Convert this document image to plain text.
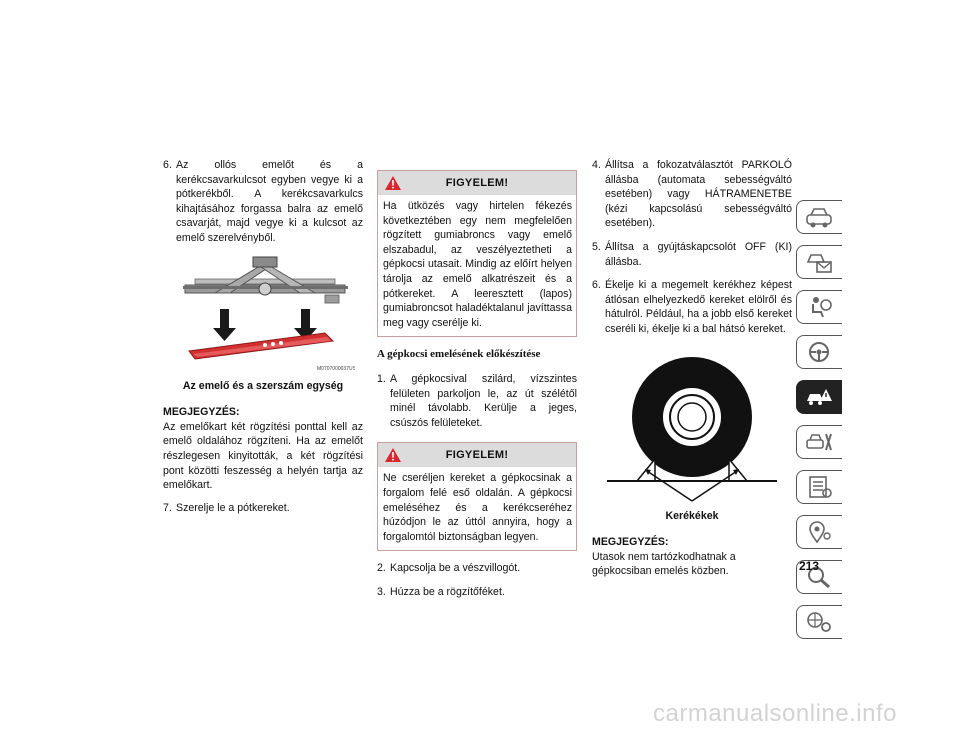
6. Az ollós emelőt és a kerékcsavarkulcsot egyben vegye ki a pótkerékből. A kerékcsavarkulcs kihajtásához forgassa balra az emelő csavarját, majd vegye ki a kulcsot az emelő szerelvényből.
M0707000037US
Az emelő és a szerszám egység

MEGJEGYZÉS:

Az emelőkart két rögzítési ponttal kell az emelő oldalához rögzíteni. Ha az emelőt részlegesen kinyitották, a két rögzítési pont közötti feszesség a helyén tartja az emelőkart.

7. Szerelje le a pótkereket.
FIGYELEM!
Ha ütközés vagy hirtelen fékezés következtében egy nem megfelelően rögzített gumiabroncs vagy emelő elszabadul, az veszélyeztetheti a gépkocsi utasait. Mindig az előírt helyen tárolja az emelő alkatrészeit és a pótkereket. A leeresztett (lapos) gumiabroncsot haladéktalanul javíttassa meg vagy cserélje ki.
A gépkocsi emelésének előkészítése
1. A gépkocsival szilárd, vízszintes felületen parkoljon le, az út szélétől minél távolabb. Kerülje a jeges, csúszós felületeket.
FIGYELEM!
Ne cseréljen kereket a gépkocsinak a forgalom felé eső oldalán. A gépkocsi emeléséhez és a kerékcseréhez húzódjon le az úttól annyira, hogy a forgalomtól biztonságban legyen.
2. Kapcsolja be a vészvillogót.
3. Húzza be a rögzítőféket.
4. Állítsa a fokozatválasztót PARKOLÓ állásba (automata sebességváltó esetében) vagy HÁTRAMENETBE (kézi kapcsolású sebességváltó esetében).
5. Állítsa a gyújtáskapcsolót OFF (KI) állásba.
6. Ékelje ki a megemelt kerékhez képest átlósan elhelyezkedő kereket elölről és hátulról. Például, ha a jobb első kereket cseréli ki, ékelje ki a bal hátsó kereket.
Kerékékek

MEGJEGYZÉS:

Utasok nem tartózkodhatnak a gépkocsiban emelés közben.	213
carmanualsonline.info
